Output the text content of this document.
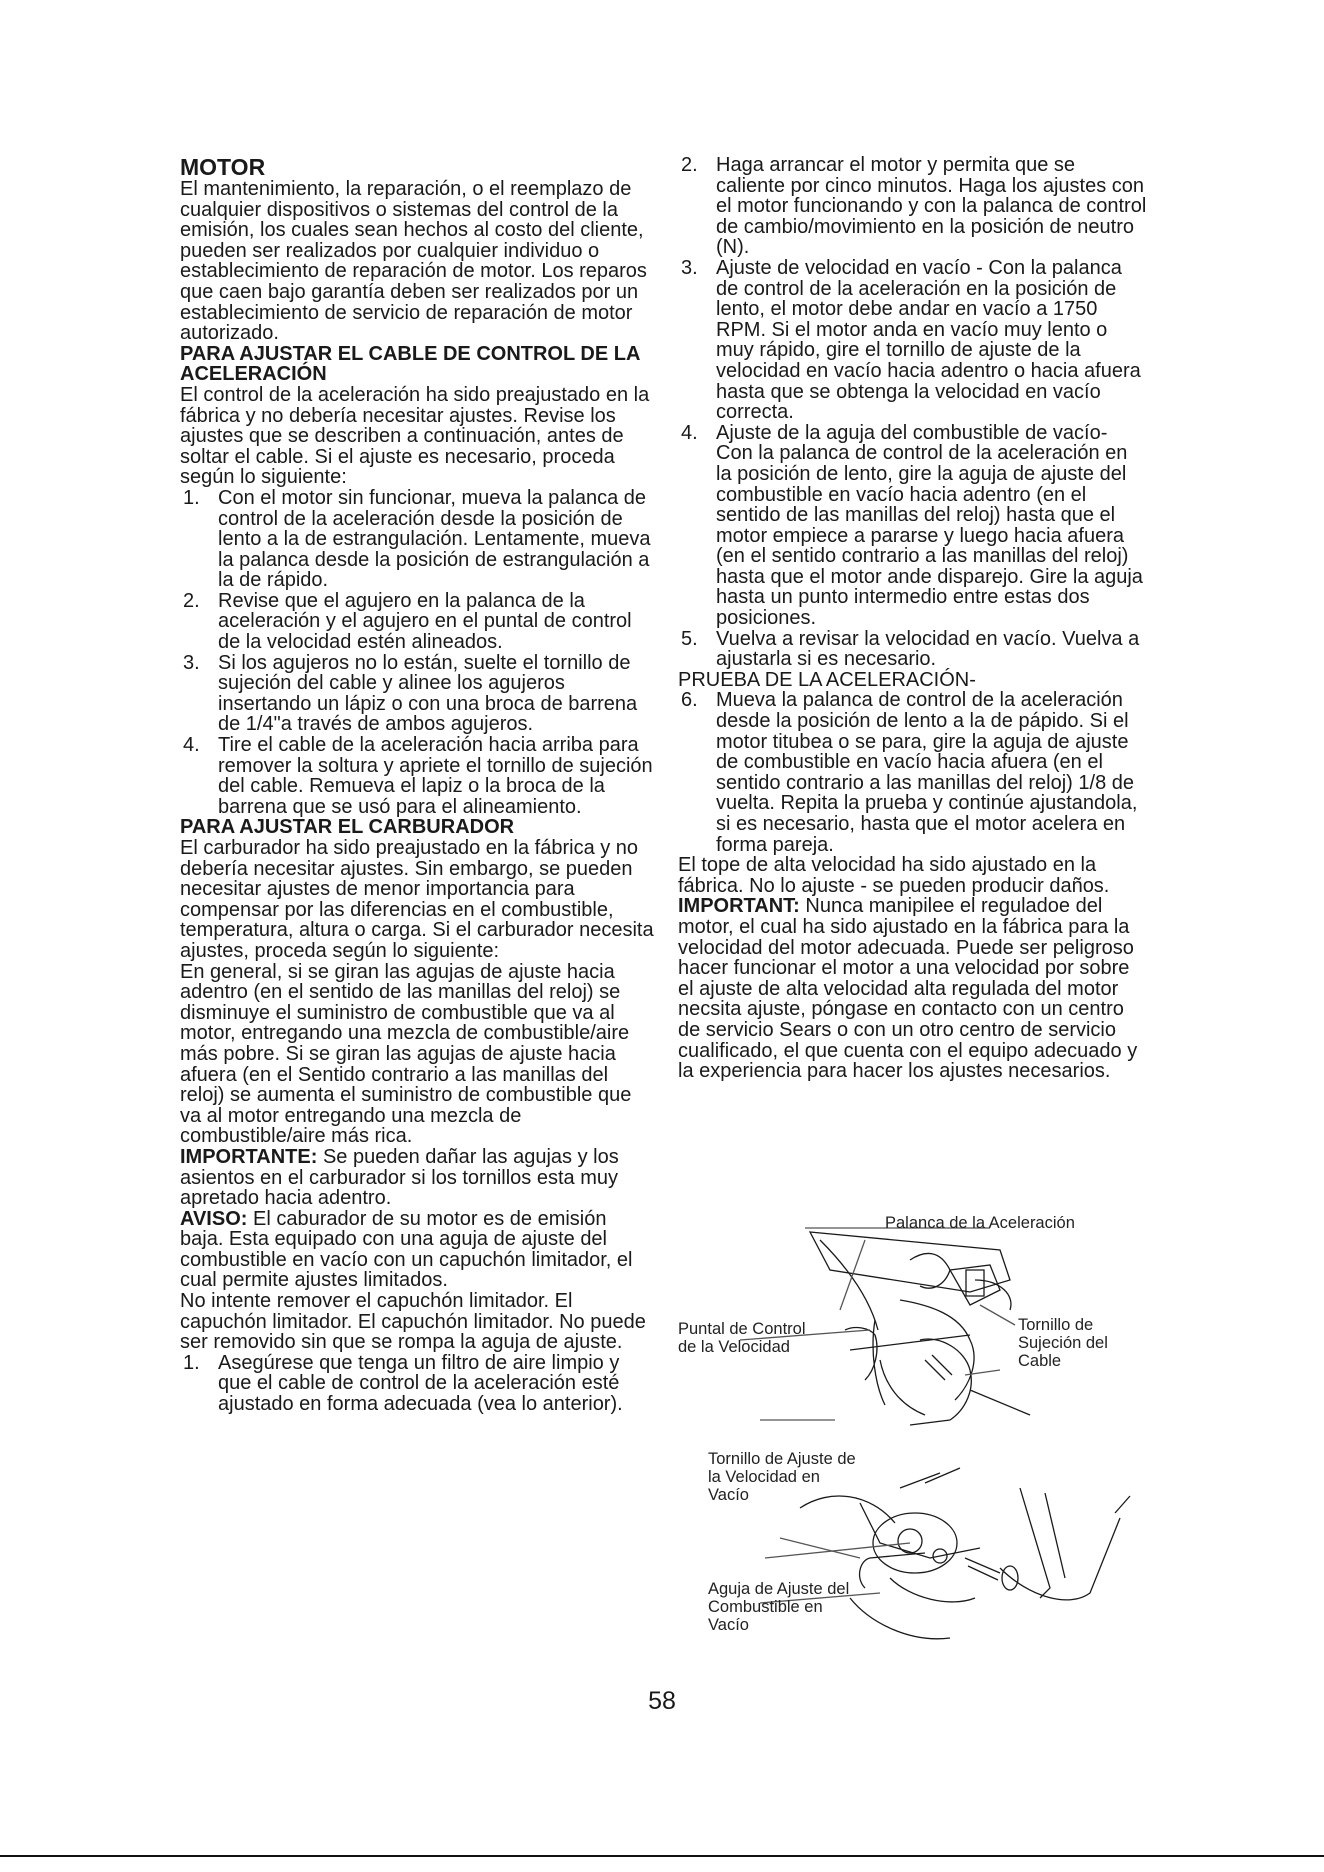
MOTOR

El mantenimiento, la reparación, o el reemplazo de cualquier dispositivos o sistemas del control de la emisión, los cuales sean hechos al costo del cliente, pueden ser realizados por cualquier individuo o establecimiento de reparación de motor. Los reparos que caen bajo garantía deben ser realizados por un establecimiento de servicio de reparación de motor autorizado.

PARA AJUSTAR EL CABLE DE CONTROL DE LA ACELERACIÓN

El control de la aceleración ha sido preajustado en la fábrica y no debería necesitar ajustes. Revise los ajustes que se describen a continuación, antes de soltar el cable. Si el ajuste es necesario, proceda según lo siguiente:

1. Con el motor sin funcionar, mueva la palanca de control de la aceleración desde la posición de lento a la de estrangulación. Lentamente, mueva la palanca desde la posición de estrangulación a la de rápido.
2. Revise que el agujero en la palanca de la aceleración y el agujero en el puntal de control de la velocidad estén alineados.
3. Si los agujeros no lo están, suelte el tornillo de sujeción del cable y alinee los agujeros insertando un lápiz o con una broca de barrena de 1/4"a través de ambos agujeros.
4. Tire el cable de la aceleración hacia arriba para remover la soltura y apriete el tornillo de sujeción del cable. Remueva el lapiz o la broca de la barrena que se usó para el alineamiento.
PARA AJUSTAR EL CARBURADOR

El carburador ha sido preajustado en la fábrica y no debería necesitar ajustes. Sin embargo, se pueden necesitar ajustes de menor importancia para compensar por las diferencias en el combustible, temperatura, altura o carga. Si el carburador necesita ajustes, proceda según lo siguiente:

En general, si se giran las agujas de ajuste hacia adentro (en el sentido de las manillas del reloj) se disminuye el suministro de combustible que va al motor, entregando una mezcla de combustible/aire más pobre. Si se giran las agujas de ajuste hacia afuera (en el Sentido contrario a las manillas del reloj) se aumenta el suministro de combustible que va al motor entregando una mezcla de combustible/aire más rica.

IMPORTANTE: Se pueden dañar las agujas y los asientos en el carburador si los tornillos esta muy apretado hacia adentro.

AVISO: El caburador de su motor es de emisión baja. Esta equipado con una aguja de ajuste del combustible en vacío con un capuchón limitador, el cual permite ajustes limitados.

No intente remover el capuchón limitador. El capuchón limitador. El capuchón limitador. No puede ser removido sin que se rompa la aguja de ajuste.

1. Asegúrese que tenga un filtro de aire limpio y que el cable de control de la aceleración esté ajustado en forma adecuada (vea lo anterior).
2. Haga arrancar el motor y permita que se caliente por cinco minutos. Haga los ajustes con el motor funcionando y con la palanca de control de cambio/movimiento en la posición de neutro (N).
3. Ajuste de velocidad en vacío - Con la palanca de control de la aceleración en la posición de lento, el motor debe andar en vacío a 1750 RPM. Si el motor anda en vacío muy lento o muy rápido, gire el tornillo de ajuste de la velocidad en vacío hacia adentro o hacia afuera hasta que se obtenga la velocidad en vacío correcta.
4. Ajuste de la aguja del combustible de vacío- Con la palanca de control de la aceleración en la posición de lento, gire la aguja de ajuste del combustible en vacío hacia adentro (en el sentido de las manillas del reloj) hasta que el motor empiece a pararse y luego hacia afuera (en el sentido contrario a las manillas del reloj) hasta que el motor ande disparejo. Gire la aguja hasta un punto intermedio entre estas dos posiciones.
5. Vuelva a revisar la velocidad en vacío. Vuelva a ajustarla si es necesario.
PRUEBA DE LA ACELERACIÓN-
6. Mueva la palanca de control de la aceleración desde la posición de lento a la de pápido. Si el motor titubea o se para, gire la aguja de ajuste de combustible en vacío hacia afuera (en el sentido contrario a las manillas del reloj) 1/8 de vuelta. Repita la prueba y continúe ajustandola, si es necesario, hasta que el motor acelera en forma pareja.

El tope de alta velocidad ha sido ajustado en la fábrica. No lo ajuste - se pueden producir daños.

IMPORTANT: Nunca manipilee el reguladoe del motor, el cual ha sido ajustado en la fábrica para la velocidad del motor adecuada. Puede ser peligroso hacer funcionar el motor a una velocidad por sobre el ajuste de alta velocidad alta regulada del motor necsita ajuste, póngase en contacto con un centro de servicio Sears o con un otro centro de servicio cualificado, el que cuenta con el equipo adecuado y la experiencia para hacer los ajustes necesarios.

Palanca de la Aceleración
Puntal de Control de la Velocidad
Tornillo de Sujeción del Cable
Tornillo de Ajuste de la Velocidad en Vacío
Aguja de Ajuste del Combustible en Vacío
58
